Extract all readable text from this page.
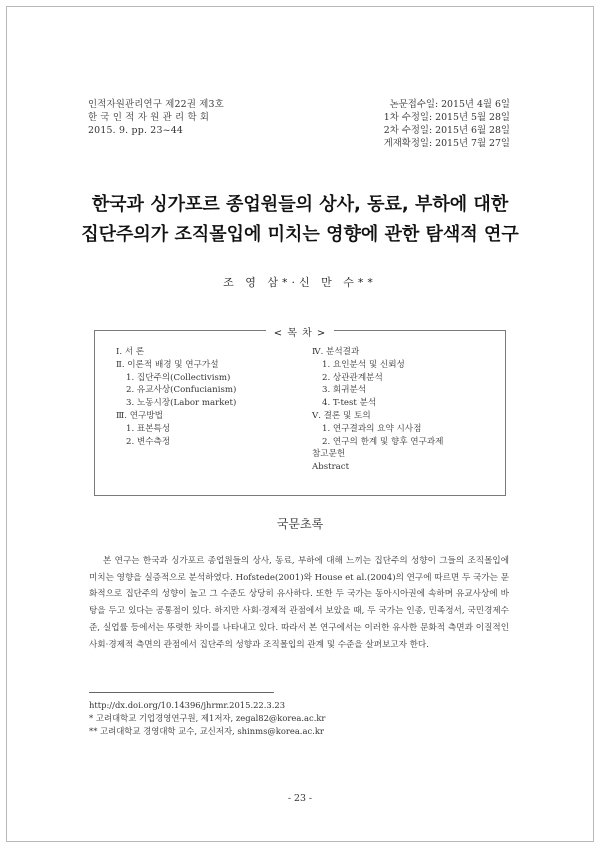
인적자원관리연구 제22권 제3호
한 국 인 적 자 원 관 리 학 회
2015. 9. pp. 23~44
논문접수일: 2015년 4월 6일
1차 수정일: 2015년 5월 28일
2차 수정일: 2015년 6월 28일
게재확정일: 2015년 7월 27일
한국과 싱가포르 종업원들의 상사, 동료, 부하에 대한
집단주의가 조직몰입에 미치는 영향에 관한 탐색적 연구
조 영 삼*·신 만 수**
< 목 차 >
Ⅰ. 서 론
Ⅱ. 이론적 배경 및 연구가설
1. 집단주의(Collectivism)
2. 유교사상(Confucianism)
3. 노동시장(Labor market)
Ⅲ. 연구방법
1. 표본특성
2. 변수측정
Ⅳ. 분석결과
1. 요인분석 및 신뢰성
2. 상관관계분석
3. 회귀분석
4. T-test 분석
Ⅴ. 결론 및 토의
1. 연구결과의 요약 시사점
2. 연구의 한계 및 향후 연구과제
참고문헌
Abstract
국문초록
본 연구는 한국과 싱가포르 종업원들의 상사, 동료, 부하에 대해 느끼는 집단주의 성향이 그들의 조직몰입에 미치는 영향을 실증적으로 분석하였다. Hofstede(2001)와 House et al.(2004)의 연구에 따르면 두 국가는 문화적으로 집단주의 성향이 높고 그 수준도 상당히 유사하다. 또한 두 국가는 동아시아권에 속하며 유교사상에 바탕을 두고 있다는 공통점이 있다. 하지만 사회·경제적 관점에서 보았을 때, 두 국가는 인종, 민족정서, 국민경제수준, 실업률 등에서는 뚜렷한 차이를 나타내고 있다. 따라서 본 연구에서는 이러한 유사한 문화적 측면과 이질적인 사회·경제적 측면의 관점에서 집단주의 성향과 조직몰입의 관계 및 수준을 살펴보고자 한다.
http://dx.doi.org/10.14396/jhrmr.2015.22.3.23
* 고려대학교 기업경영연구원, 제1저자, zegal82@korea.ac.kr
** 고려대학교 경영대학 교수, 교신저자, shinms@korea.ac.kr
- 23 -
